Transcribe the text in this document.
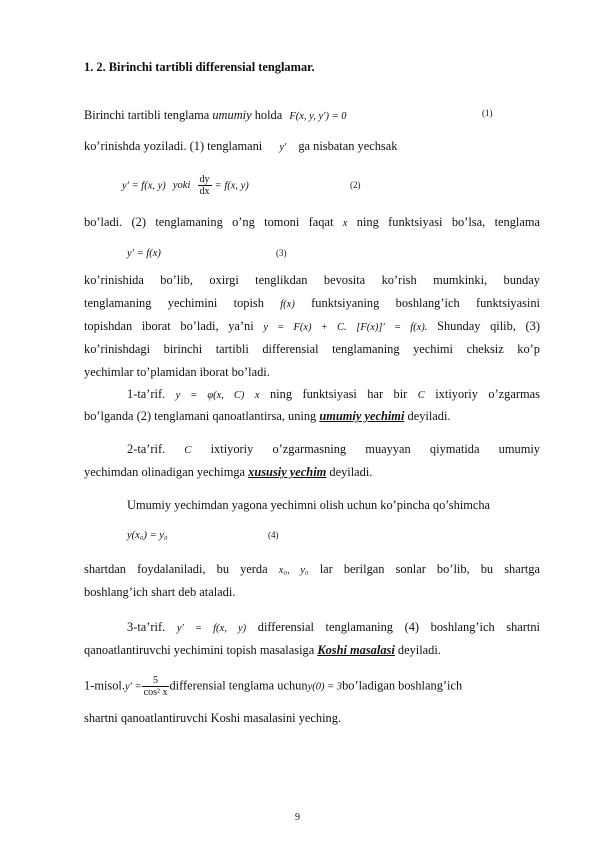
1. 2. Birinchi tartibli differensial tenglamar.
Birinchi tartibli tenglama umumiy holda F(x, y, y′) = 0	(1)
ko’rinishda yoziladi. (1) tenglamani y′ ga nisbatan yechsak
y′ = f(x, y) yoki $\frac{dy}{dx} = f(x$, y)	(2)
bo’ladi. (2) tenglamaning o’ng tomoni faqat x ning funktsiyasi bo’lsa, tenglama
y′ = f(x)	(3)
ko’rinishida bo’lib, oxirgi tenglikdan bevosita ko’rish mumkinki, bunday
tenglamaning yechimini topish f(x) funktsiyaning boshlang’ich funktsiyasini
topishdan iborat bo’ladi, ya’ni y = F(x) + C. [F(x)]′ = f(x). Shunday qilib, (3)
ko’rinishdagi birinchi tartibli differensial tenglamaning yechimi cheksiz ko’p
yechimlar to’plamidan iborat bo’ladi.
1-ta’rif. y = φ(x, C) x ning funktsiyasi har bir C ixtiyoriy o’zgarmas
bo’lganda (2) tenglamani qanoatlantirsa, uning umumiy yechimi deyiladi.
2-ta’rif. C ixtiyoriy o’zgarmasning muayyan qiymatida umumiy
yechimdan olinadigan yechimga xususiy yechim deyiladi.
Umumiy yechimdan yagona yechimni olish uchun ko’pincha qo’shimcha
y(x₀) = y₀	(4)
shartdan foydalaniladi, bu yerda x₀, y₀ lar berilgan sonlar bo’lib, bu shartga
boshlang’ich shart deb ataladi.
3-ta’rif. y′ = f(x, y) differensial tenglamaning (4) boshlang’ich shartni
qanoatlantiruvchi yechimini topish masalasiga Koshi masalasi deyiladi.
1-misol.y′ = $\frac{5}{\text{cos² x}}$ differensial tenglama uchuny(0) = 3bo’ladigan boshlang’ich
shartni qanoatlantiruvchi Koshi masalasini yeching.
9
